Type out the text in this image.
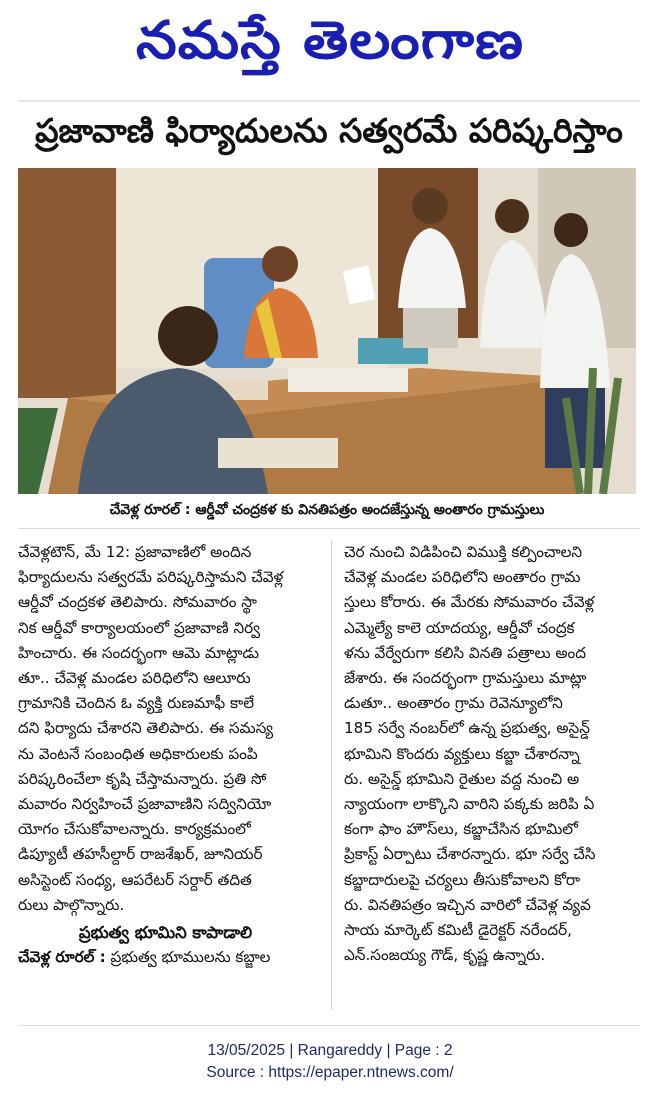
నమస్తే తెలంగాణ
ప్రజావాణి ఫిర్యాదులను సత్వరమే పరిష్కరిస్తాం
చేవెళ్ల రూరల్ : ఆర్డీవో చంద్రకళ కు వినతిపత్రం అందజేస్తున్న అంతారం గ్రామస్తులు

చేవెళ్లటౌన్, మే 12: ప్రజావాణిలో అందిన

ఫిర్యాదులను సత్వరమే పరిష్కరిస్తామని చేవెళ్ల

ఆర్డీవో చంద్రకళ తెలిపారు. సోమవారం స్థా

నిక ఆర్డీవో కార్యాలయంలో ప్రజావాణి నిర్వ

హించారు. ఈ సందర్భంగా ఆమె మాట్లాడు

తూ.. చేవెళ్ల మండల పరిధిలోని ఆలూరు

గ్రామానికి చెందిన ఓ వ్యక్తి రుణమాఫీ కాలే

దని ఫిర్యాదు చేశారని తెలిపారు. ఈ సమస్య

ను వెంటనే సంబంధిత అధికారులకు పంపి

పరిష్కరించేలా కృషి చేస్తామన్నారు. ప్రతి సో

మవారం నిర్వహించే ప్రజావాణిని సద్వినియో

యోగం చేసుకోవాలన్నారు. కార్యక్రమంలో

డిప్యూటీ తహసీల్దార్ రాజశేఖర్, జూనియర్

అసిస్టెంట్ సంధ్య, ఆపరేటర్ సర్దార్ తదిత

రులు పాల్గొన్నారు.

ప్రభుత్వ భూమిని కాపాడాలి

చేవెళ్ల రూరల్ : ప్రభుత్వ భూములను కబ్జాల

చెర నుంచి విడిపించి విముక్తి కల్పించాలని

చేవెళ్ల మండల పరిధిలోని అంతారం గ్రామ

స్తులు కోరారు. ఈ మేరకు సోమవారం చేవెళ్ల

ఎమ్మెల్యే కాలె యాదయ్య, ఆర్డీవో చంద్రక

ళను వేర్వేరుగా కలిసి వినతి పత్రాలు అంద

జేశారు. ఈ సందర్భంగా గ్రామస్తులు మాట్లా

డుతూ.. అంతారం గ్రామ రెవెన్యూలోని

185 సర్వే నంబర్‌లో ఉన్న ప్రభుత్వ, అసైన్డ్

భూమిని కొందరు వ్యక్తులు కబ్జా చేశారన్నా

రు. అసైన్డ్ భూమిని రైతుల వద్ద నుంచి అ

న్యాయంగా లాక్కొని వారిని పక్కకు జరిపి ఏ

కంగా ఫాం హౌస్‌లు, కబ్జాచేసిన భూమిలో

ప్రికాస్ట్ ఏర్పాటు చేశారన్నారు. భూ సర్వే చేసి

కబ్జాదారులపై చర్యలు తీసుకోవాలని కోరా

రు. వినతిపత్రం ఇచ్చిన వారిలో చేవెళ్ల వ్యవ

సాయ మార్కెట్ కమిటీ డైరెక్టర్ నరేందర్,

ఎన్.సంజయ్య గౌడ్, కృష్ణ ఉన్నారు.

13/05/2025 | Rangareddy | Page : 2
Source : https://epaper.ntnews.com/
